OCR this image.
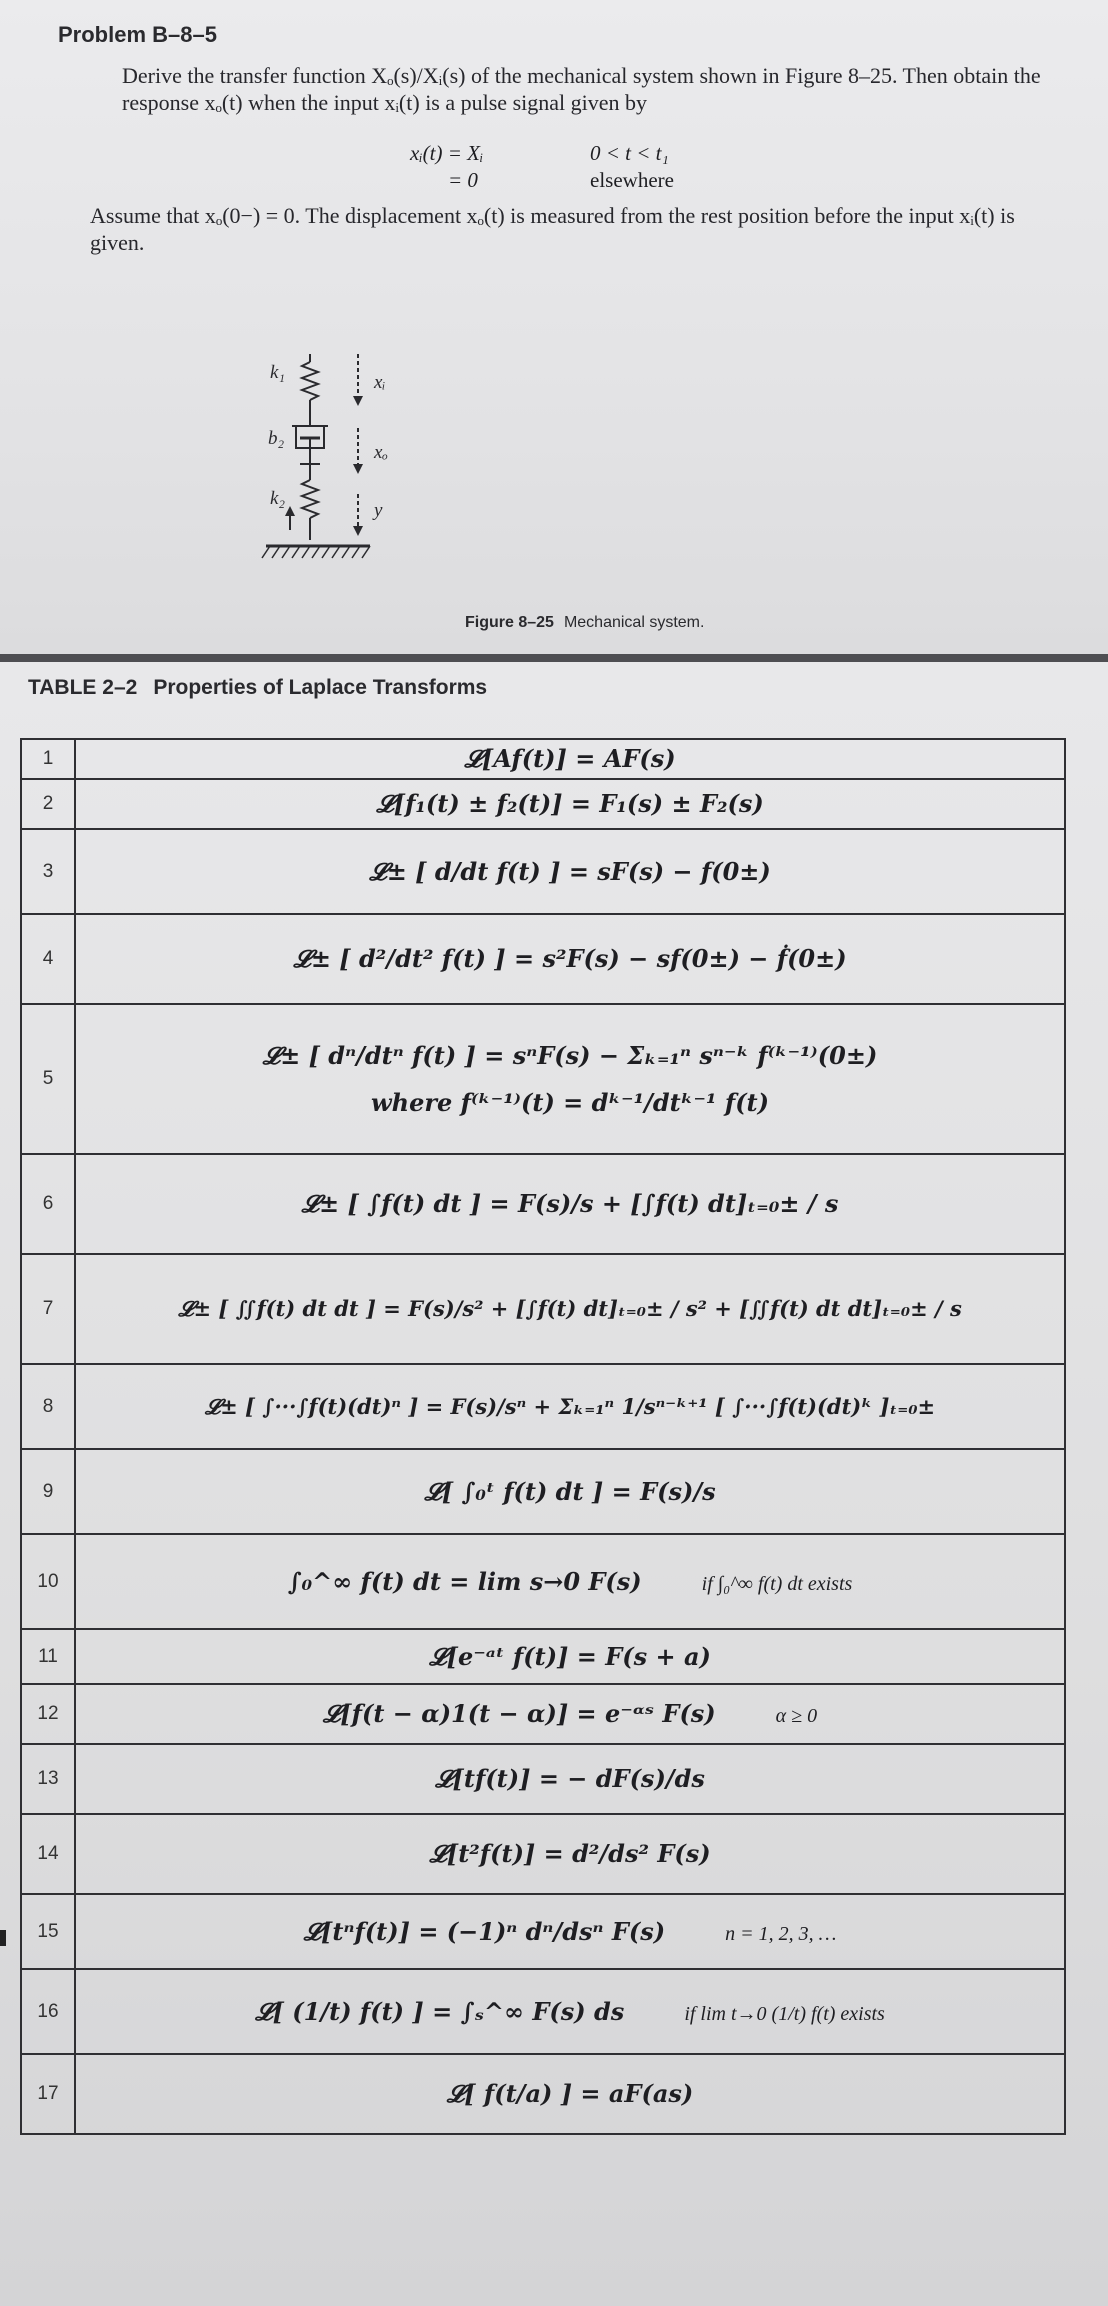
Problem B–8–5
Derive the transfer function Xₒ(s)/Xᵢ(s) of the mechanical system shown in Figure 8–25. Then obtain the response xₒ(t) when the input xᵢ(t) is a pulse signal given by
xᵢ(t) = Xᵢ	0 < t < t₁
= 0	elsewhere
Assume that xₒ(0−) = 0. The displacement xₒ(t) is measured from the rest position before the input xᵢ(t) is given.
k₁
b₂
k₂
xᵢ
xₒ
y
Figure 8–25 Mechanical system.
TABLE 2–2 Properties of Laplace Transforms
1	𝓛[Af(t)] = AF(s)
2	𝓛[f₁(t) ± f₂(t)] = F₁(s) ± F₂(s)
3	𝓛± [ d/dt f(t) ] = sF(s) − f(0±)
4	𝓛± [ d²/dt² f(t) ] = s²F(s) − sf(0±) − ḟ(0±)
5	𝓛± [ dⁿ/dtⁿ f(t) ] = sⁿF(s) − Σₖ₌₁ⁿ sⁿ⁻ᵏ f⁽ᵏ⁻¹⁾(0±)
where f⁽ᵏ⁻¹⁾(t) = dᵏ⁻¹/dtᵏ⁻¹ f(t)

6	𝓛± [ ∫f(t) dt ] = F(s)/s + [∫f(t) dt]ₜ₌₀± / s
7	𝓛± [ ∬f(t) dt dt ] = F(s)/s² + [∫f(t) dt]ₜ₌₀± / s² + [∬f(t) dt dt]ₜ₌₀± / s
8	𝓛± [ ∫···∫f(t)(dt)ⁿ ] = F(s)/sⁿ + Σₖ₌₁ⁿ 1/sⁿ⁻ᵏ⁺¹ [ ∫···∫f(t)(dt)ᵏ ]ₜ₌₀±
9	𝓛[ ∫₀ᵗ f(t) dt ] = F(s)/s
10	∫₀^∞ f(t) dt = lim s→0 F(s) if ∫₀^∞ f(t) dt exists
11	𝓛[e⁻ᵃᵗ f(t)] = F(s + a)
12	𝓛[f(t − α)1(t − α)] = e⁻ᵅˢ F(s) α ≥ 0
13	𝓛[tf(t)] = − dF(s)/ds
14	𝓛[t²f(t)] = d²/ds² F(s)
15	𝓛[tⁿf(t)] = (−1)ⁿ dⁿ/dsⁿ F(s) n = 1, 2, 3, …
16	𝓛[ (1/t) f(t) ] = ∫ₛ^∞ F(s) ds if lim t→0 (1/t) f(t) exists
17	𝓛[ f(t/a) ] = aF(as)
